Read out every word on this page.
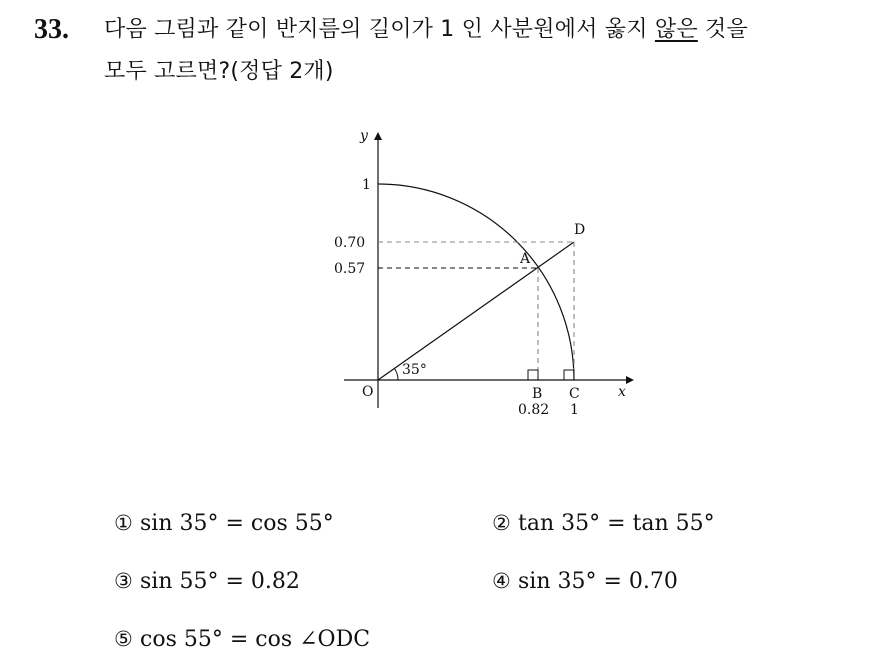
33. 다음 그림과 같이 반지름의 길이가 1 인 사분원에서 옳지 않은 것을
모두 고르면?(정답 2개)
y
x
1
0.70
0.57
O
35°
A
D
B C
0.82 1
① sin 35° = cos 55°	② tan 35° = tan 55°
③ sin 55° = 0.82	④ sin 35° = 0.70
⑤ cos 55° = cos ∠ODC
